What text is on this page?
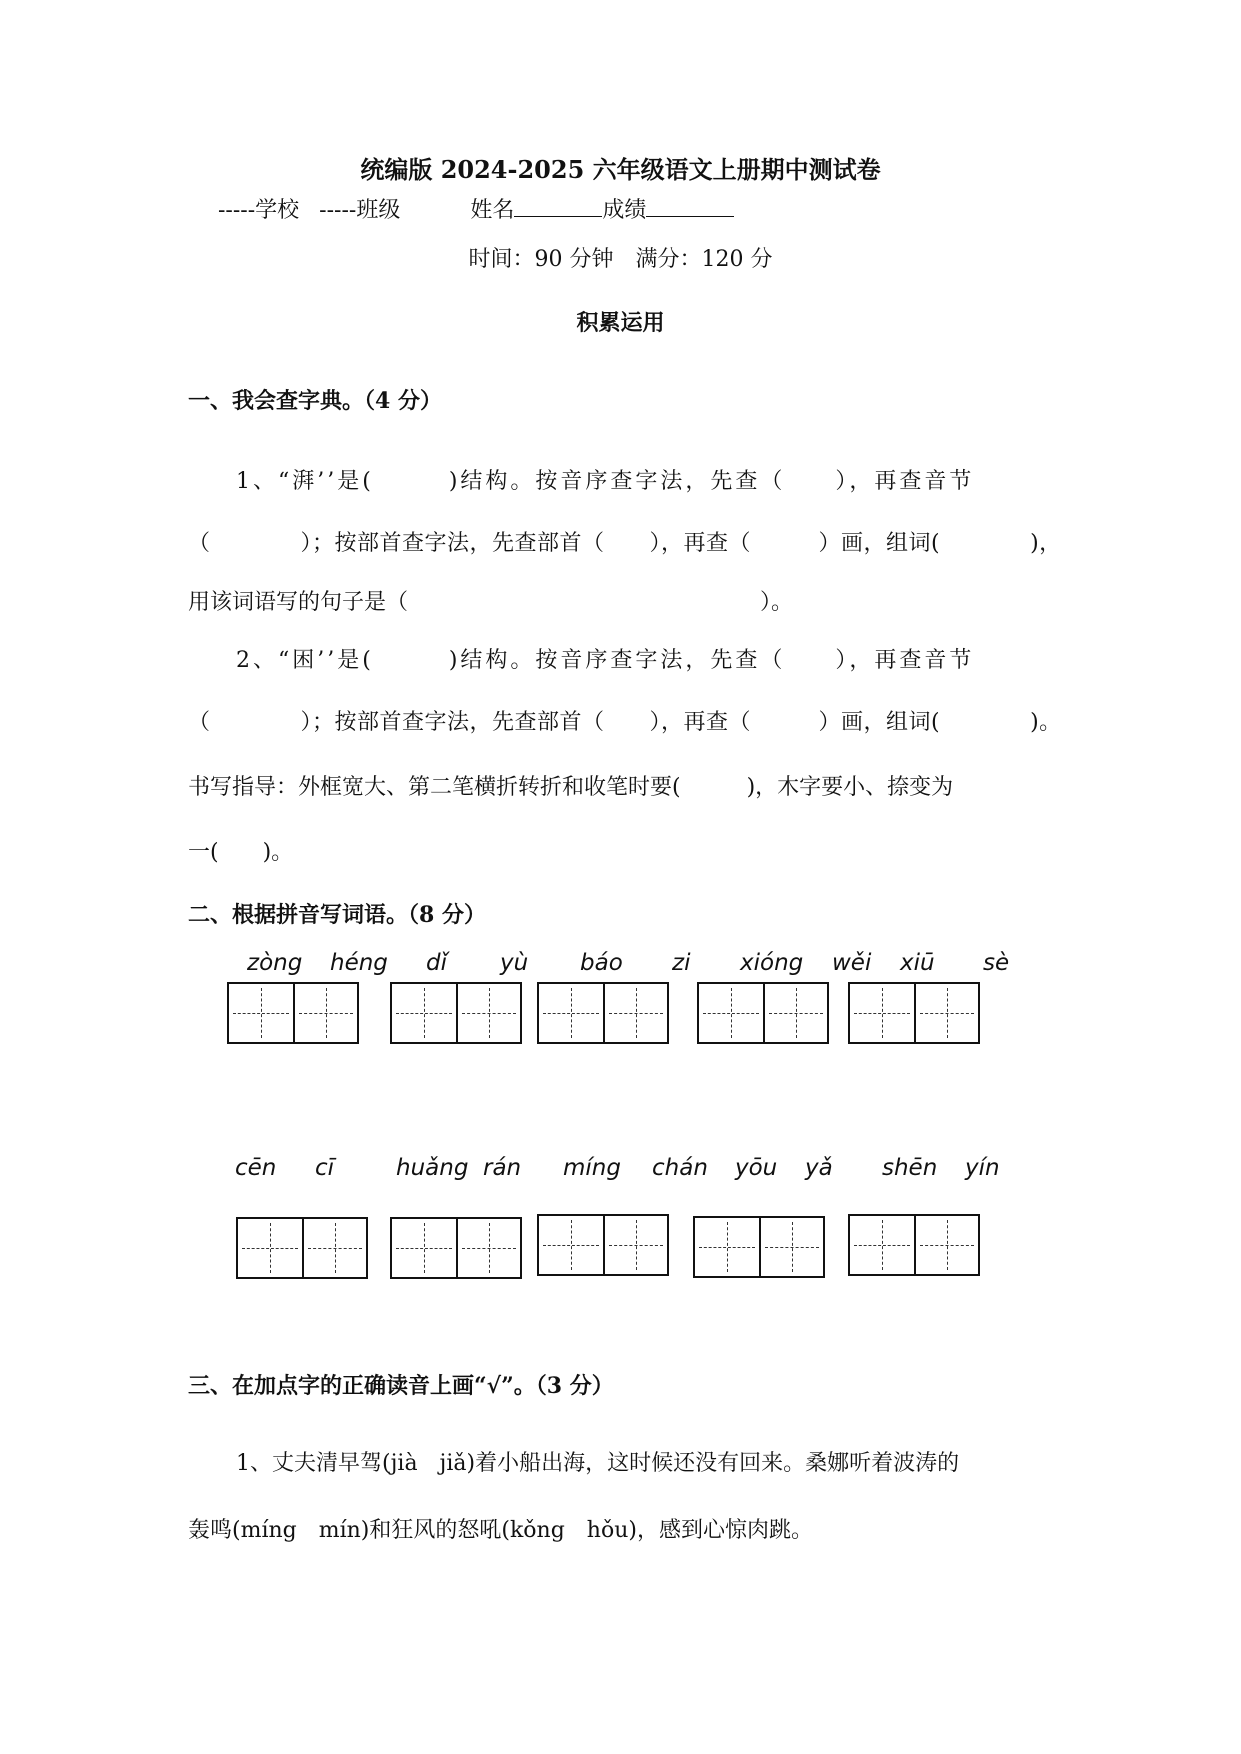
统编版 2024-2025 六年级语文上册期中测试卷
-----学校 -----班级	姓名	成绩
时间：90 分钟　满分：120 分
积累运用
一、我会查字典。（4 分）
1、“湃’’是(　　　)结构。按音序查字法，先查（　　），再查音节
（　　　　）；按部首查字法，先查部首（　　），再查（　　　）画，组词(　　　　)，
用该词语写的句子是（　　　　　　　　　　　　　　　　）。
2、“困’’是(　　　)结构。按音序查字法，先查（　　），再查音节
（　　　　）；按部首查字法，先查部首（　　），再查（　　　）画，组词(　　　　)。
书写指导：外框宽大、第二笔横折转折和收笔时要(　　　)，木字要小、捺变为
一(　　)。
二、根据拼音写词语。（8 分）
zòng héng dǐ yù báo zi xióng wěi xiū sè
cēn cī	huǎng rán míng chán yōu yǎ shēn yín
三、在加点字的正确读音上画“√”。（3 分）
1、丈夫清早驾(jià　jiǎ)着小船出海，这时候还没有回来。桑娜听着波涛的
轰鸣(míng　mín)和狂风的怒吼(kǒng　hǒu)，感到心惊肉跳。
